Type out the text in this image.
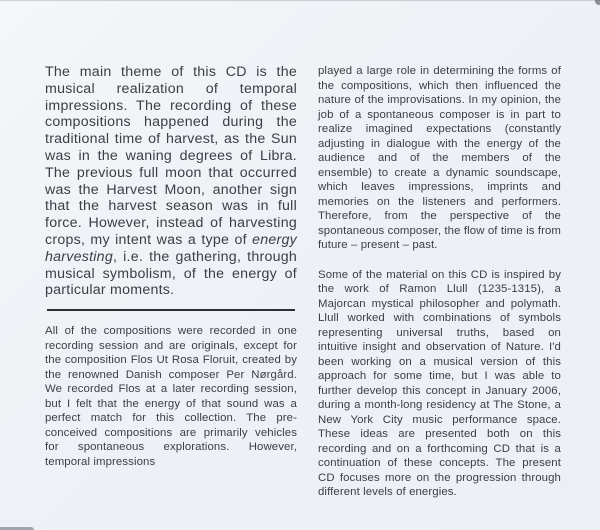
The main theme of this CD is the musical realization of temporal impressions. The recording of these compositions happened during the traditional time of harvest, as the Sun was in the waning degrees of Libra. The previous full moon that occurred was the Harvest Moon, another sign that the harvest season was in full force. However, instead of harvesting crops, my intent was a type of energy harvesting, i.e. the gathering, through musical symbolism, of the energy of particular moments.

All of the compositions were recorded in one recording session and are originals, except for the composition Flos Ut Rosa Floruit, created by the renowned Danish composer Per Nørgård. We recorded Flos at a later recording session, but I felt that the energy of that sound was a perfect match for this collection. The pre-conceived compositions are primarily vehicles for spontaneous explorations. However, temporal impressions

played a large role in determining the forms of the compositions, which then influenced the nature of the improvisations. In my opinion, the job of a spontaneous composer is in part to realize imagined expectations (constantly adjusting in dialogue with the energy of the audience and of the members of the ensemble) to create a dynamic soundscape, which leaves impressions, imprints and memories on the listeners and performers. Therefore, from the perspective of the spontaneous composer, the flow of time is from future – present – past.

Some of the material on this CD is inspired by the work of Ramon Llull (1235-1315), a Majorcan mystical philosopher and polymath. Llull worked with combinations of symbols representing universal truths, based on intuitive insight and observation of Nature. I'd been working on a musical version of this approach for some time, but I was able to further develop this concept in January 2006, during a month-long residency at The Stone, a New York City music performance space. These ideas are presented both on this recording and on a forthcoming CD that is a continuation of these concepts. The present CD focuses more on the progression through different levels of energies.
